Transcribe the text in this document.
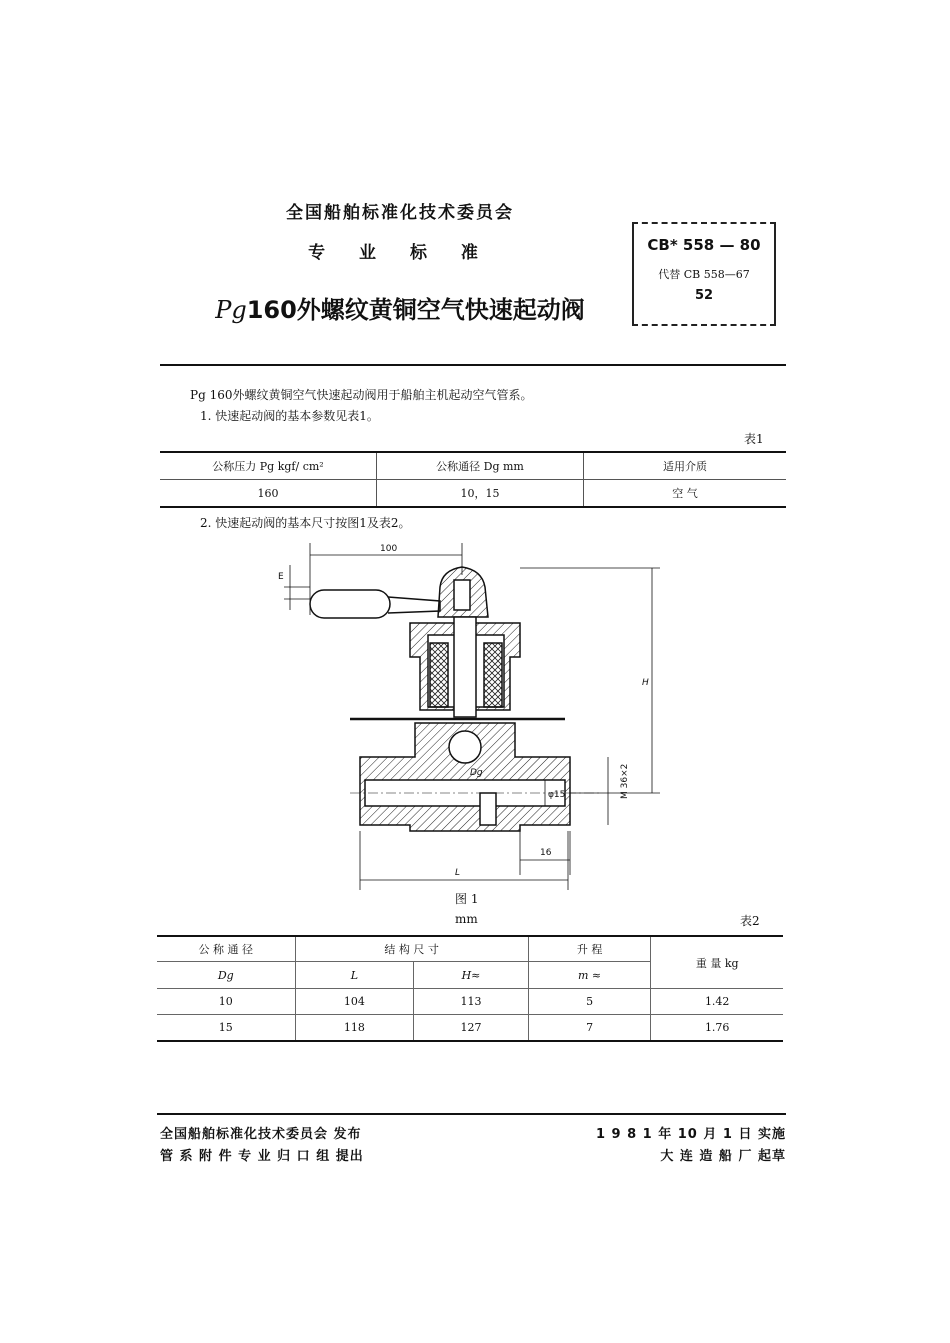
全国船舶标准化技术委员会
专 业 标 准
Pg160外螺纹黄铜空气快速起动阀
CB* 558 — 80
代替 CB 558—67
52
Pg 160外螺纹黄铜空气快速起动阀用于船舶主机起动空气管系。
1. 快速起动阀的基本参数见表1。
表1
公称压力 Pg kgf/ cm²	公称通径 Dg mm	适用介质
160	10，15	空 气
2. 快速起动阀的基本尺寸按图1及表2。
100
E
H
Dg
φ15	M 36×2
16
L
图 1
mm	表2
公 称 通 径	结 构 尺 寸		升 程	重 量 kg
Dg	L	H≈	m ≈	
10	104	113	5	1.42
15	118	127	7	1.76
全国船舶标准化技术委员会 发布
管 系 附 件 专 业 归 口 组 提出
1 9 8 1 年 10 月 1 日 实施
大 连 造 船 厂 起草
